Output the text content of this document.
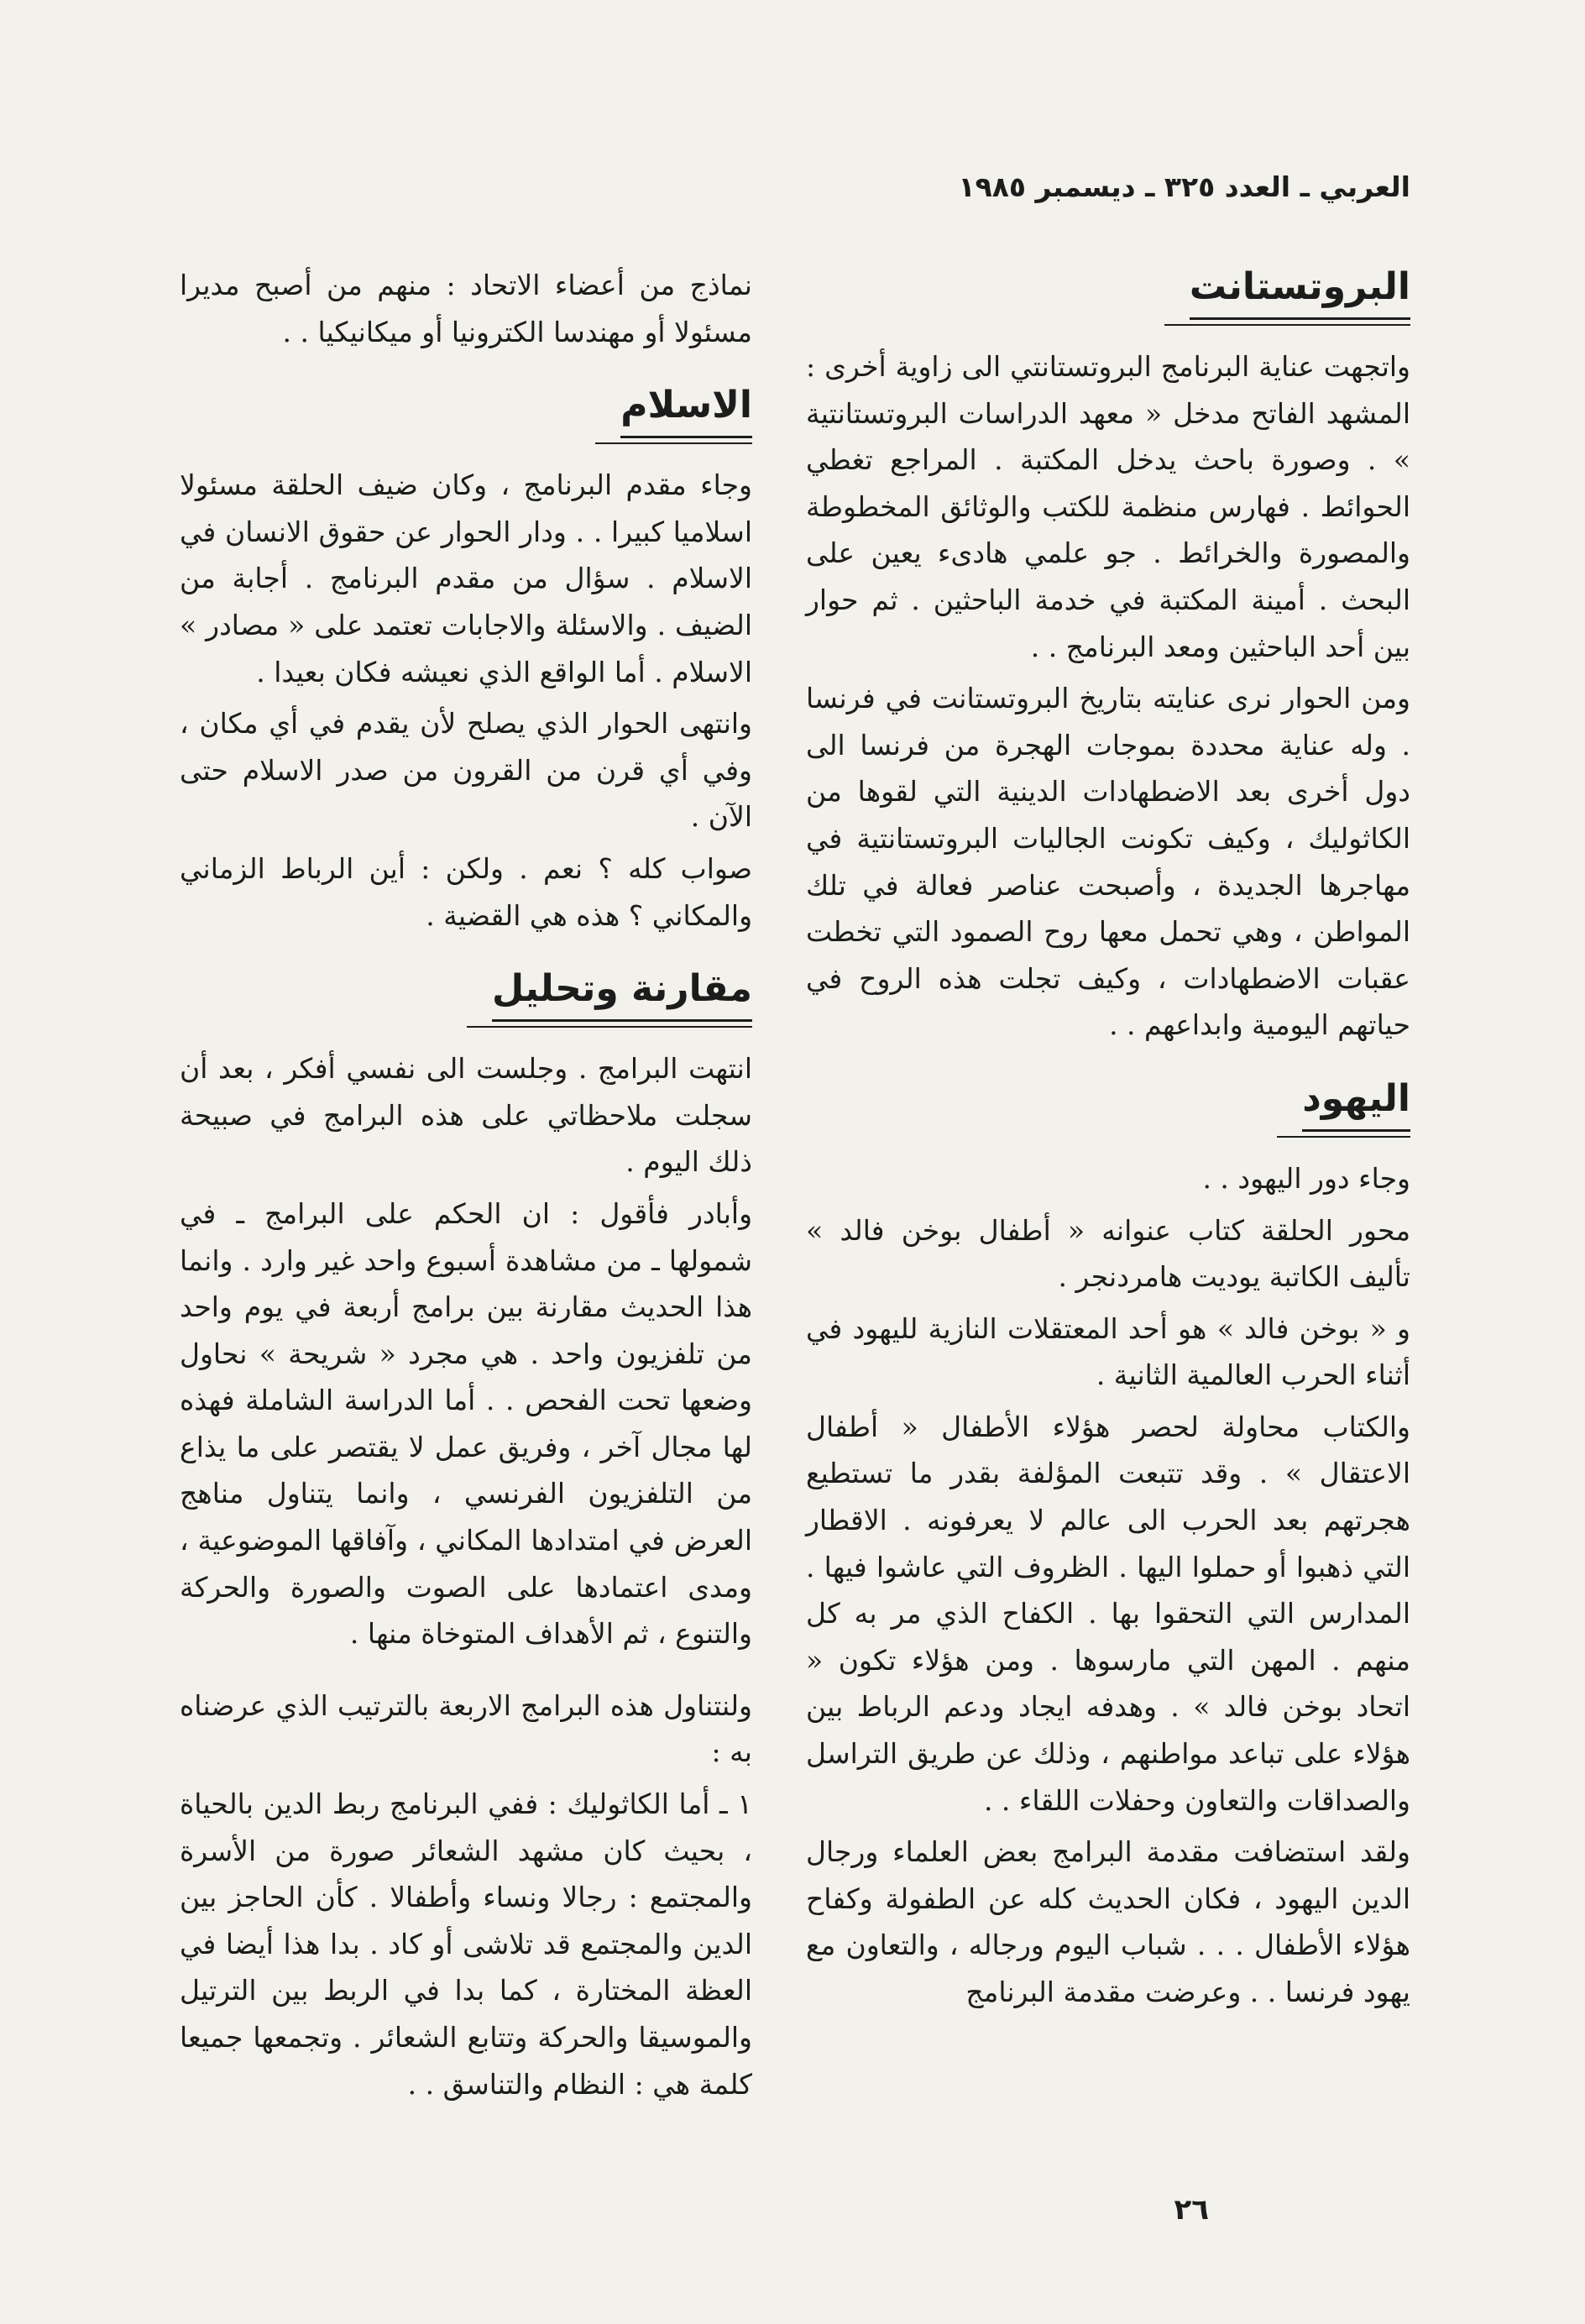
العربي ـ العدد ٣٢٥ ـ ديسمبر ١٩٨٥
البروتستانت

واتجهت عناية البرنامج البروتستانتي الى زاوية أخرى : المشهد الفاتح مدخل « معهد الدراسات البروتستانتية » . وصورة باحث يدخل المكتبة . المراجع تغطي الحوائط . فهارس منظمة للكتب والوثائق المخطوطة والمصورة والخرائط . جو علمي هادىء يعين على البحث . أمينة المكتبة في خدمة الباحثين . ثم حوار بين أحد الباحثين ومعد البرنامج . .

ومن الحوار نرى عنايته بتاريخ البروتستانت في فرنسا . وله عناية محددة بموجات الهجرة من فرنسا الى دول أخرى بعد الاضطهادات الدينية التي لقوها من الكاثوليك ، وكيف تكونت الجاليات البروتستانتية في مهاجرها الجديدة ، وأصبحت عناصر فعالة في تلك المواطن ، وهي تحمل معها روح الصمود التي تخطت عقبات الاضطهادات ، وكيف تجلت هذه الروح في حياتهم اليومية وابداعهم . .

اليهود

وجاء دور اليهود . .

محور الحلقة كتاب عنوانه « أطفال بوخن فالد » تأليف الكاتبة يوديت هامردنجر .

و « بوخن فالد » هو أحد المعتقلات النازية لليهود في أثناء الحرب العالمية الثانية .

والكتاب محاولة لحصر هؤلاء الأطفال « أطفال الاعتقال » . وقد تتبعت المؤلفة بقدر ما تستطيع هجرتهم بعد الحرب الى عالم لا يعرفونه . الاقطار التي ذهبوا أو حملوا اليها . الظروف التي عاشوا فيها . المدارس التي التحقوا بها . الكفاح الذي مر به كل منهم . المهن التي مارسوها . ومن هؤلاء تكون « اتحاد بوخن فالد » . وهدفه ايجاد ودعم الرباط بين هؤلاء على تباعد مواطنهم ، وذلك عن طريق التراسل والصداقات والتعاون وحفلات اللقاء . .

ولقد استضافت مقدمة البرامج بعض العلماء ورجال الدين اليهود ، فكان الحديث كله عن الطفولة وكفاح هؤلاء الأطفال . . . شباب اليوم ورجاله ، والتعاون مع يهود فرنسا . . وعرضت مقدمة البرنامج

نماذج من أعضاء الاتحاد : منهم من أصبح مديرا مسئولا أو مهندسا الكترونيا أو ميكانيكيا . .

الاسلام

وجاء مقدم البرنامج ، وكان ضيف الحلقة مسئولا اسلاميا كبيرا . . ودار الحوار عن حقوق الانسان في الاسلام . سؤال من مقدم البرنامج . أجابة من الضيف . والاسئلة والاجابات تعتمد على « مصادر » الاسلام . أما الواقع الذي نعيشه فكان بعيدا .

وانتهى الحوار الذي يصلح لأن يقدم في أي مكان ، وفي أي قرن من القرون من صدر الاسلام حتى الآن .

صواب كله ؟ نعم . ولكن : أين الرباط الزماني والمكاني ؟ هذه هي القضية .

مقارنة وتحليل

انتهت البرامج . وجلست الى نفسي أفكر ، بعد أن سجلت ملاحظاتي على هذه البرامج في صبيحة ذلك اليوم .

وأبادر فأقول : ان الحكم على البرامج ـ في شمولها ـ من مشاهدة أسبوع واحد غير وارد . وانما هذا الحديث مقارنة بين برامج أربعة في يوم واحد من تلفزيون واحد . هي مجرد « شريحة » نحاول وضعها تحت الفحص . . أما الدراسة الشاملة فهذه لها مجال آخر ، وفريق عمل لا يقتصر على ما يذاع من التلفزيون الفرنسي ، وانما يتناول مناهج العرض في امتدادها المكاني ، وآفاقها الموضوعية ، ومدى اعتمادها على الصوت والصورة والحركة والتنوع ، ثم الأهداف المتوخاة منها .

ولنتناول هذه البرامج الاربعة بالترتيب الذي عرضناه به :

١ ـ أما الكاثوليك : ففي البرنامج ربط الدين بالحياة ، بحيث كان مشهد الشعائر صورة من الأسرة والمجتمع : رجالا ونساء وأطفالا . كأن الحاجز بين الدين والمجتمع قد تلاشى أو كاد . بدا هذا أيضا في العظة المختارة ، كما بدا في الربط بين الترتيل والموسيقا والحركة وتتابع الشعائر . وتجمعها جميعا كلمة هي : النظام والتناسق . .

٢٦
